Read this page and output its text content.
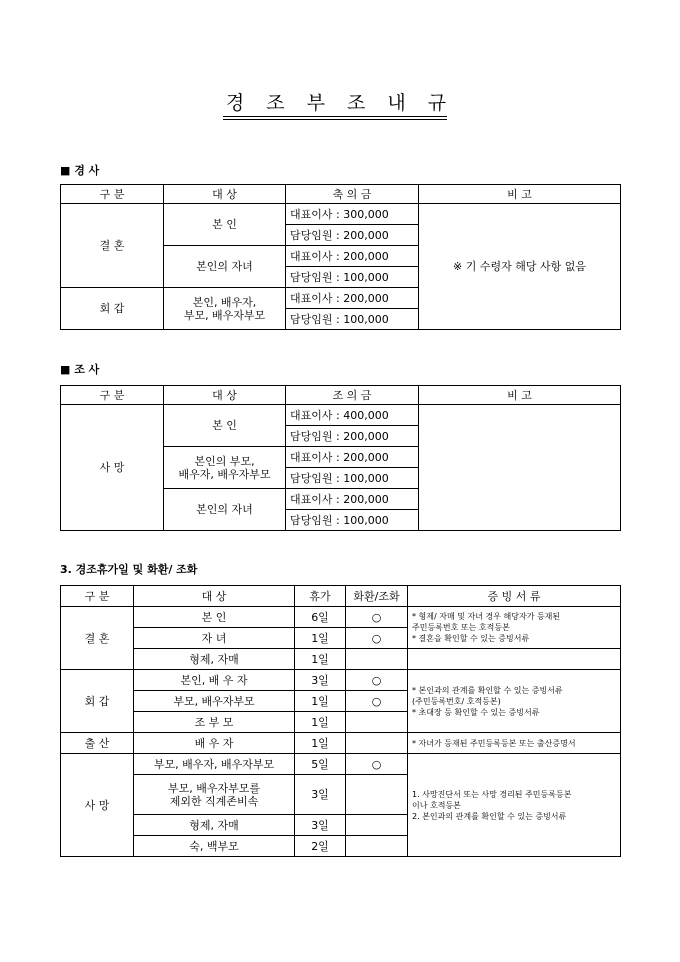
경 조 부 조 내 규
■ 경 사
구 분	대 상	축 의 금	비 고
결 혼	본 인	대표이사 : 300,000	※ 기 수령자 해당 사항 없음
		담당임원 : 200,000	
	본인의 자녀	대표이사 : 200,000	
		담당임원 : 100,000	
회 갑	본인, 배우자,
부모, 배우자부모	대표이사 : 200,000	
		담당임원 : 100,000	
■ 조 사
구 분	대 상	조 의 금	비 고
사 망	본 인	대표이사 : 400,000	
		담당임원 : 200,000	
	본인의 부모,
배우자, 배우자부모	대표이사 : 200,000	
		담당임원 : 100,000	
	본인의 자녀	대표이사 : 200,000	
		담당임원 : 100,000	
3. 경조휴가일 및 화환/ 조화
구 분	대 상	휴가	화환/조화	증 빙 서 류
결 혼	본 인	6일	○	* 형제/ 자매 및 자녀 경우 해당자가 등재된
주민등록번호 또는 호적등본
* 결혼을 확인할 수 있는 증빙서류

	자 녀	1일	○	
	형제, 자매	1일		
회 갑	본인, 배 우 자	3일	○	* 본인과의 관계를 확인할 수 있는 증빙서류
(주민등록번호/ 호적등본)
* 초대장 등 확인할 수 있는 증빙서류

	부모, 배우자부모	1일	○	
	조 부 모	1일		
출 산	배 우 자	1일		* 자녀가 등재된 주민등록등본 또는 출산증명서
사 망	부모, 배우자, 배우자부모	5일	○	1. 사망진단서 또는 사망 경리된 주민등록등본
이나 호적등본
2. 본인과의 관계를 확인할 수 있는 증빙서류

	부모, 배우자부모를
제외한 직계존비속	3일		
	형제, 자매	3일		
	숙, 백부모	2일		
